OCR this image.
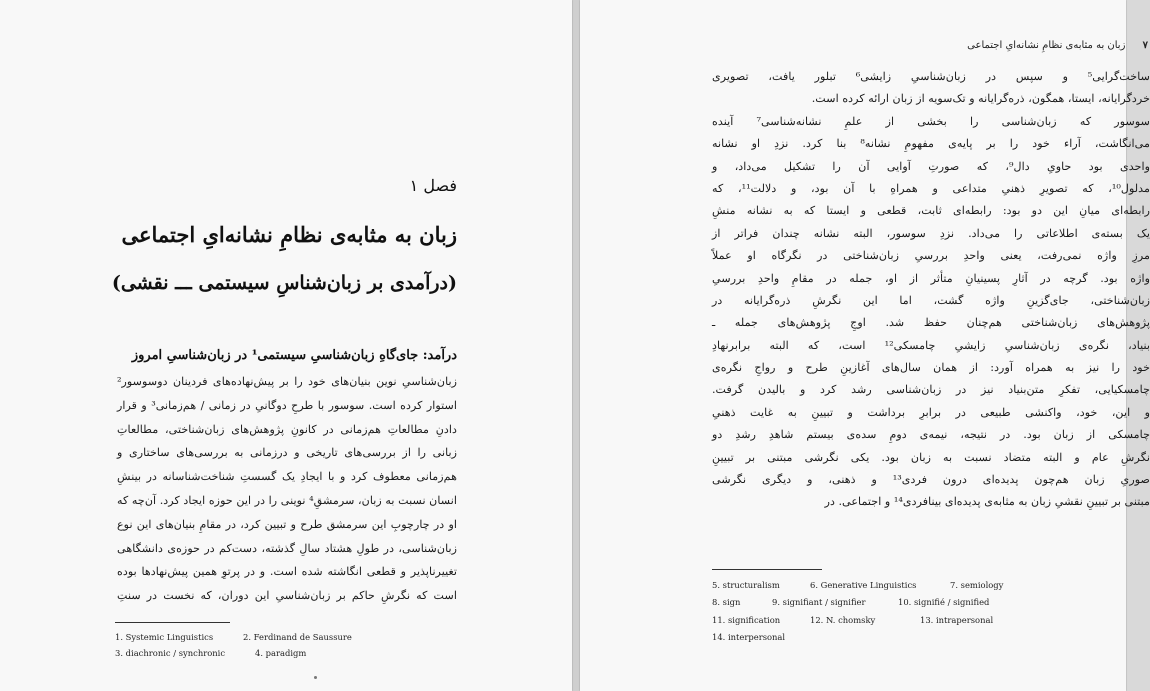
فصل ۱
زبان به مثابه‌ی نظامِ نشانه‌ایِ اجتماعی
(درآمدی بر زبان‌شناسِ سیستمی ـــ نقشی)
درآمد: جای‌گاهِ زبان‌شناسیِ سیستمی¹ در زبان‌شناسیِ امروز
زبان‌شناسیِ نوین بنیان‌های خود را بر پیش‌نهاده‌های فردینان دوسوسور²
استوار کرده است. سوسور با طرحِ دوگانیِ در زمانی / هم‌زمانی³ و قرار
دادنِ مطالعاتِ هم‌زمانی در کانونِ پژوهش‌های زبان‌شناختی، مطالعاتِ
زبانی را از بررسی‌های تاریخی و درزمانی به بررسی‌های ساختاری و
هم‌زمانی معطوف کرد و با ایجادِ یک گسستِ شناخت‌شناسانه در بینشِ
انسان نسبت به زبان، سرمشقِ⁴ نوینی را در این حوزه ایجاد کرد. آن‌چه که
او در چارچوبِ این سرمشق طرح و تبیین کرد، در مقامِ بنیان‌های این نوع
زبان‌شناسی، در طولِ هشتاد سالِ گذشته، دست‌کم در حوزه‌ی دانشگاهی
تغییرناپذیر و قطعی انگاشته شده است. و در پرتوِ همین پیش‌نهادها بوده
است که نگرشِ حاکم بر زبان‌شناسیِ این دوران، که نخست در سنتِ
1. Systemic Linguistics	2. Ferdinand de Saussure
3. diachronic / synchronic	4. paradigm
۷ زبان به مثابه‌ی نظامِ نشانه‌ایِ اجتماعی
ساخت‌گرایی⁵ و سپس در زبان‌شناسیِ زایشی⁶ تبلور یافت، تصویری
خردگرایانه، ایستا، همگون، ذره‌گرایانه و تک‌سویه از زبان ارائه کرده است.
سوسور که زبان‌شناسی را بخشی از علمِ نشانه‌شناسی⁷ آینده
می‌انگاشت، آراء خود را بر پایه‌ی مفهومِ نشانه⁸ بنا کرد. نزدِ او نشانه
واحدی بود حاویِ دال⁹، که صورتِ آوایی آن را تشکیل می‌داد، و
مدلول¹⁰، که تصویرِ ذهنیِ متداعی و همراهِ با آن بود، و دلالت¹¹، که
رابطه‌ای میانِ این دو بود: رابطه‌ای ثابت، قطعی و ایستا که به نشانه منشِ
یک بسته‌ی اطلاعاتی را می‌داد. نزدِ سوسور، البته نشانه چندان فراتر از
مرزِ واژه نمی‌رفت، یعنی واحدِ بررسیِ زبان‌شناختی در نگرگاه او عملاً
واژه بود. گرچه در آثارِ پسینیانِ متأثر از او، جمله در مقامِ واحدِ بررسیِ
زبان‌شناختی، جای‌گزینِ واژه گشت، اما این نگرشِ ذره‌گرایانه در
پژوهش‌های زبان‌شناختی هم‌چنان حفظ شد. اوجِ پژوهش‌های جمله ـ
بنیاد، نگره‌ی زبان‌شناسیِ زایشیِ چامسکی¹² است، که البته برابرنهادِ
خود را نیز به همراه آورد: از همان سال‌های آغازینِ طرح و رواجِ نگره‌ی
چامسکیایی، تفکرِ متن‌بنیاد نیز در زبان‌شناسی رشد کرد و بالیدن گرفت.
و این، خود، واکنشی طبیعی در برابرِ برداشت و تبیینِ به غایت ذهنیِ
چامسکی از زبان بود. در نتیجه، نیمه‌ی دومِ سده‌ی بیستم شاهدِ رشدِ دو
نگرشِ عام و البته متضاد نسبت به زبان بود. یکی نگرشی مبتنی بر تبیینِ
صوریِ زبان هم‌چون پدیده‌ای درون فردی¹³ و ذهنی، و دیگری نگرشی
مبتنی بر تبیینِ نقشیِ زبان به مثابه‌ی پدیده‌ای بینافردی¹⁴ و اجتماعی. در
5. structuralism	6. Generative Linguistics	7. semiology
8. sign	9. signifiant / signifier	10. signifié / signified
11. signification	12. N. chomsky	13. intrapersonal
14. interpersonal
